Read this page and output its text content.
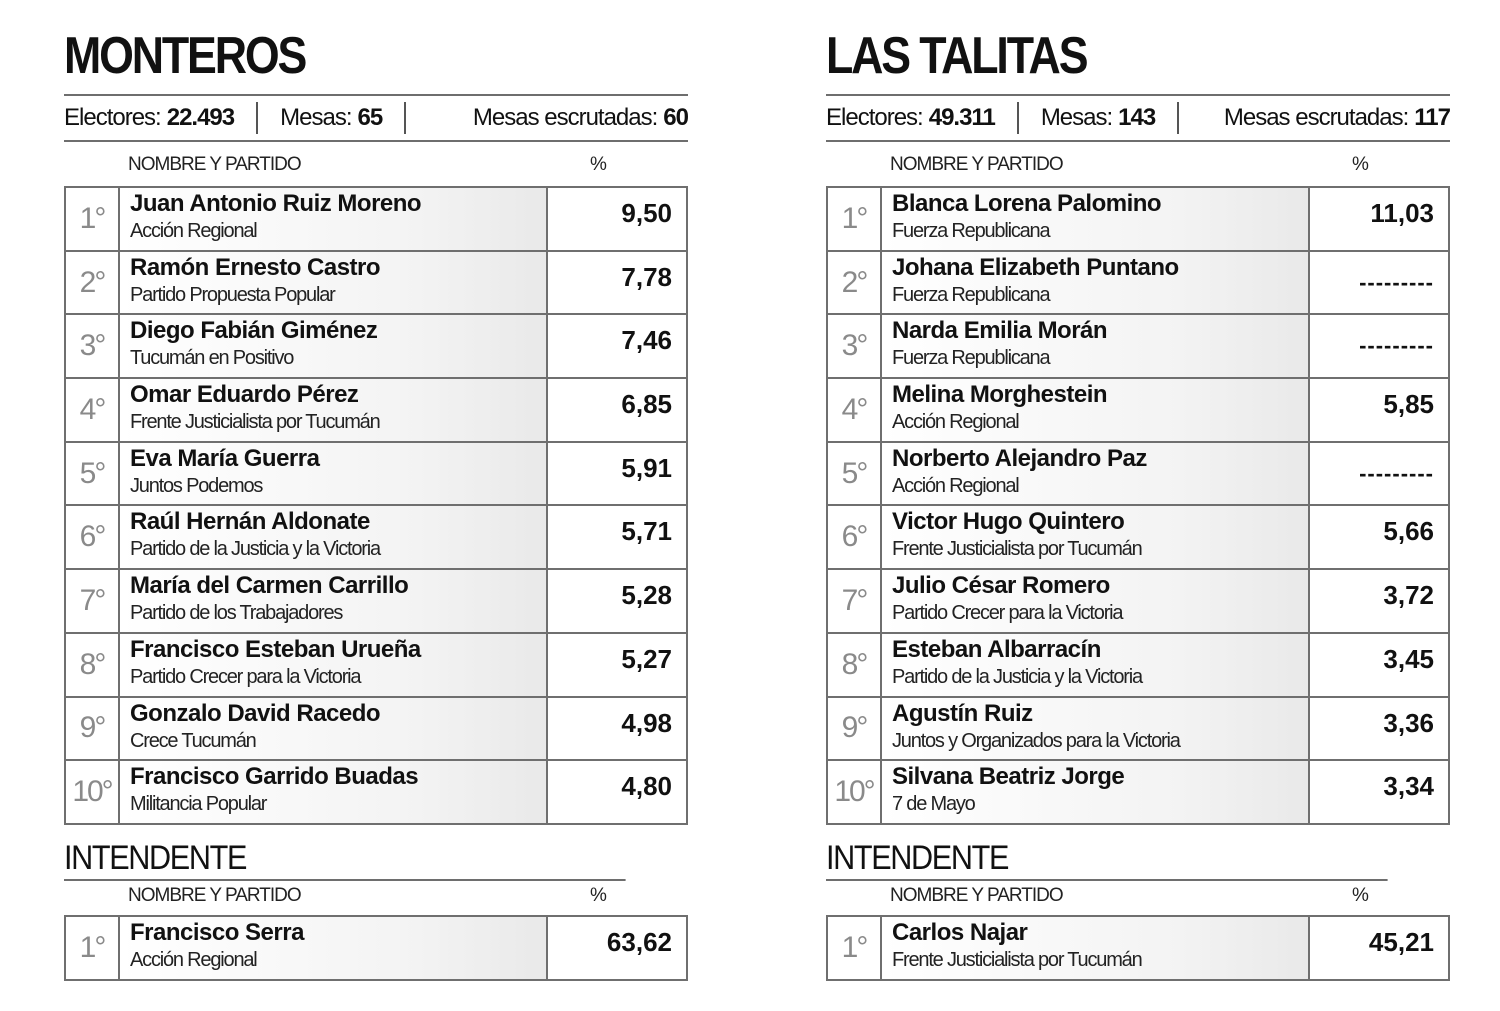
MONTEROS
Electores: 22.493 Mesas: 65	Mesas escrutadas: 60
NOMBRE Y PARTIDO	%
1°	Juan Antonio Ruiz Moreno
Acción Regional	9,50
2°	Ramón Ernesto Castro
Partido Propuesta Popular	7,78
3°	Diego Fabián Giménez
Tucumán en Positivo	7,46
4°	Omar Eduardo Pérez
Frente Justicialista por Tucumán	6,85
5°	Eva María Guerra
Juntos Podemos	5,91
6°	Raúl Hernán Aldonate
Partido de la Justicia y la Victoria	5,71
7°	María del Carmen Carrillo
Partido de los Trabajadores	5,28
8°	Francisco Esteban Urueña
Partido Crecer para la Victoria	5,27
9°	Gonzalo David Racedo
Crece Tucumán	4,98
10°	Francisco Garrido Buadas
Militancia Popular	4,80
INTENDENTE
NOMBRE Y PARTIDO	%
1°	Francisco Serra
Acción Regional
	63,62
LAS TALITAS
Electores: 49.311 Mesas: 143	Mesas escrutadas: 117
NOMBRE Y PARTIDO	%
1°	Blanca Lorena Palomino
Fuerza Republicana	11,03
2°	Johana Elizabeth Puntano
Fuerza Republicana	---------
3°	Narda Emilia Morán
Fuerza Republicana	---------
4°	Melina Morghestein
Acción Regional	5,85
5°	Norberto Alejandro Paz
Acción Regional	---------
6°	Victor Hugo Quintero
Frente Justicialista por Tucumán	5,66
7°	Julio César Romero
Partido Crecer para la Victoria	3,72
8°	Esteban Albarracín
Partido de la Justicia y la Victoria	3,45
9°	Agustín Ruiz
Juntos y Organizados para la Victoria	3,36
10°	Silvana Beatriz Jorge
7 de Mayo	3,34
INTENDENTE
NOMBRE Y PARTIDO	%
1°	Carlos Najar
Frente Justicialista por Tucumán
	45,21
